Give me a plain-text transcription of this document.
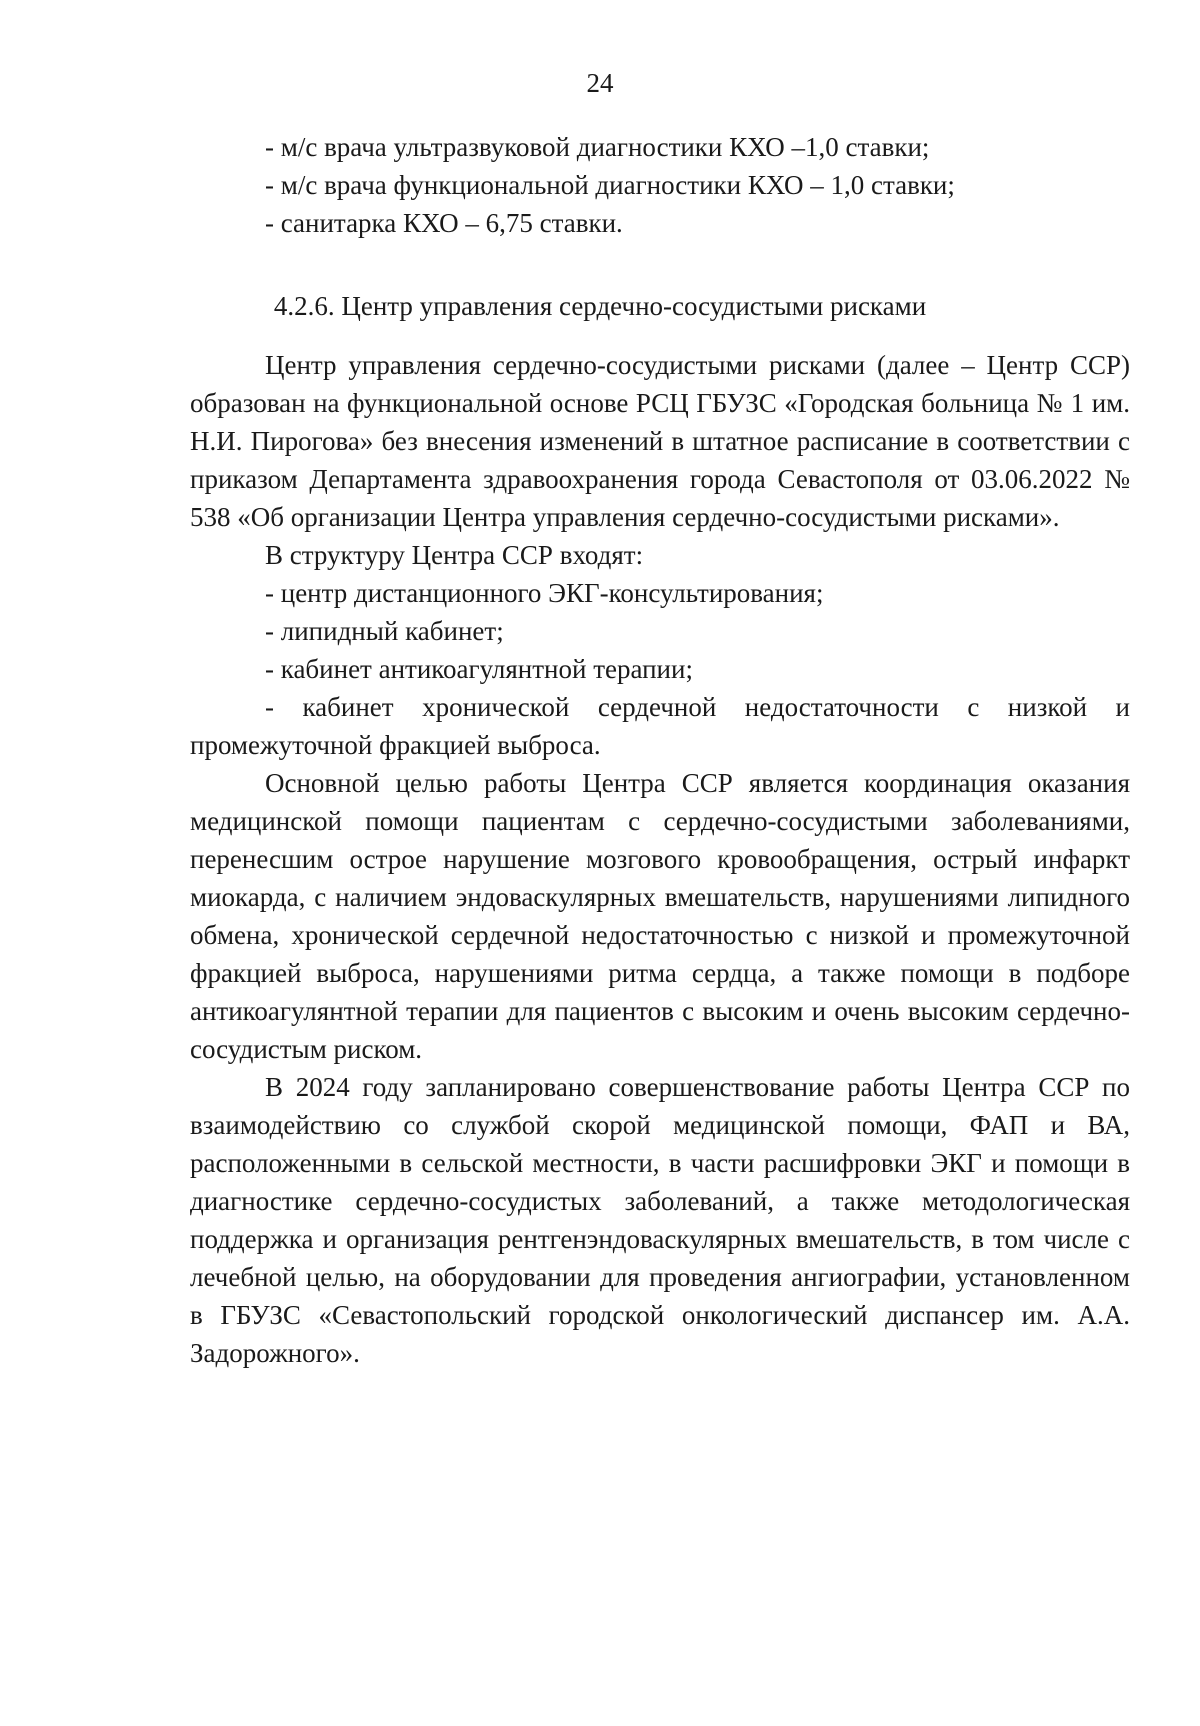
24
- м/с врача ультразвуковой диагностики КХО –1,0 ставки;
- м/с врача функциональной диагностики КХО – 1,0 ставки;
- санитарка КХО – 6,75 ставки.
4.2.6. Центр управления сердечно-сосудистыми рисками

Центр управления сердечно-сосудистыми рисками (далее – Центр ССР) образован на функциональной основе РСЦ ГБУЗС «Городская больница № 1 им. Н.И. Пирогова» без внесения изменений в штатное расписание в соответствии с приказом Департамента здравоохранения города Севастополя от 03.06.2022 № 538 «Об организации Центра управления сердечно-сосудистыми рисками».

В структуру Центра ССР входят:

- центр дистанционного ЭКГ-консультирования;

- липидный кабинет;

- кабинет антикоагулянтной терапии;

- кабинет хронической сердечной недостаточности с низкой и промежуточной фракцией выброса.

Основной целью работы Центра ССР является координация оказания медицинской помощи пациентам с сердечно-сосудистыми заболеваниями, перенесшим острое нарушение мозгового кровообращения, острый инфаркт миокарда, с наличием эндоваскулярных вмешательств, нарушениями липидного обмена, хронической сердечной недостаточностью с низкой и промежуточной фракцией выброса, нарушениями ритма сердца, а также помощи в подборе антикоагулянтной терапии для пациентов с высоким и очень высоким сердечно-сосудистым риском.

В 2024 году запланировано совершенствование работы Центра ССР по взаимодействию со службой скорой медицинской помощи, ФАП и ВА, расположенными в сельской местности, в части расшифровки ЭКГ и помощи в диагностике сердечно-сосудистых заболеваний, а также методологическая поддержка и организация рентгенэндоваскулярных вмешательств, в том числе с лечебной целью, на оборудовании для проведения ангиографии, установленном в ГБУЗС «Севастопольский городской онкологический диспансер им. А.А. Задорожного».
